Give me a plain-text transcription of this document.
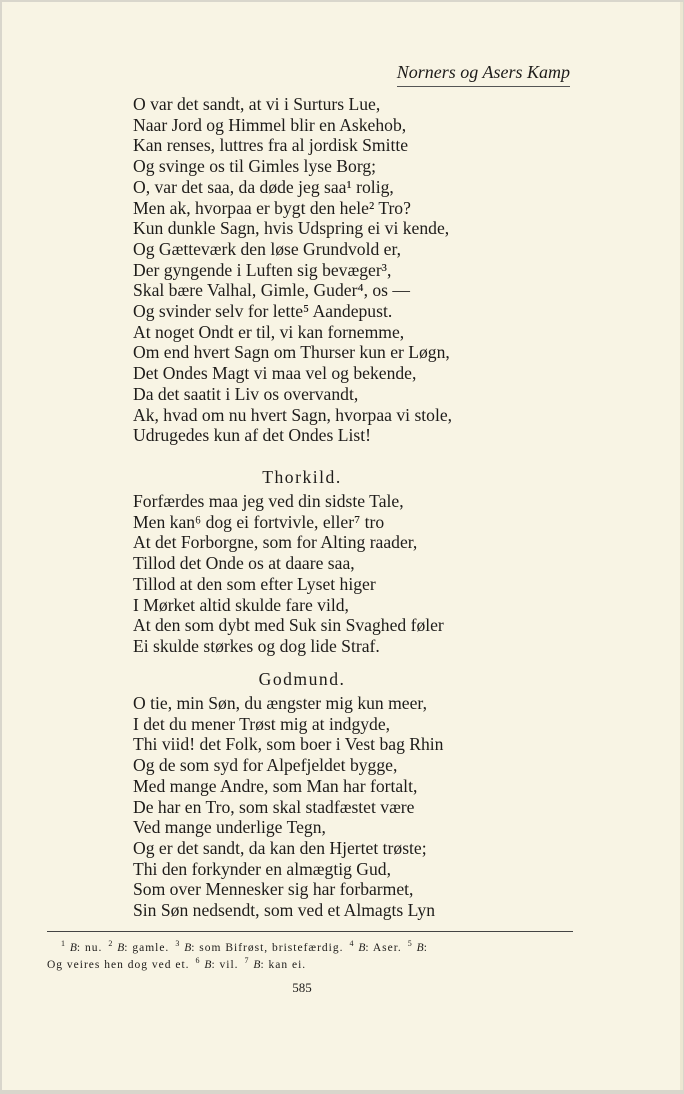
Norners og Asers Kamp
O var det sandt, at vi i Surturs Lue,
Naar Jord og Himmel blir en Askehob,
Kan renses, luttres fra al jordisk Smitte
Og svinge os til Gimles lyse Borg;
O, var det saa, da døde jeg saa¹ rolig,
Men ak, hvorpaa er bygt den hele² Tro?
Kun dunkle Sagn, hvis Udspring ei vi kende,
Og Gætteværk den løse Grundvold er,
Der gyngende i Luften sig bevæger³,
Skal bære Valhal, Gimle, Guder⁴, os —
Og svinder selv for lette⁵ Aandepust.
At noget Ondt er til, vi kan fornemme,
Om end hvert Sagn om Thurser kun er Løgn,
Det Ondes Magt vi maa vel og bekende,
Da det saatit i Liv os overvandt,
Ak, hvad om nu hvert Sagn, hvorpaa vi stole,
Udrugedes kun af det Ondes List!
Thorkild.
Forfærdes maa jeg ved din sidste Tale,
Men kan⁶ dog ei fortvivle, eller⁷ tro
At det Forborgne, som for Alting raader,
Tillod det Onde os at daare saa,
Tillod at den som efter Lyset higer
I Mørket altid skulde fare vild,
At den som dybt med Suk sin Svaghed føler
Ei skulde størkes og dog lide Straf.
Godmund.
O tie, min Søn, du ængster mig kun meer,
I det du mener Trøst mig at indgyde,
Thi viid! det Folk, som boer i Vest bag Rhin
Og de som syd for Alpefjeldet bygge,
Med mange Andre, som Man har fortalt,
De har en Tro, som skal stadfæstet være
Ved mange underlige Tegn,
Og er det sandt, da kan den Hjertet trøste;
Thi den forkynder en almægtig Gud,
Som over Mennesker sig har forbarmet,
Sin Søn nedsendt, som ved et Almagts Lyn
$^1$ B: nu. $^2$ B: gamle. $^3$ B: som Bifrøst, bristefærdig. $^4$ B: Aser. $^5$ B:
Og veires hen dog ved et. $^6$ B: vil. $^7$ B: kan ei.
585
